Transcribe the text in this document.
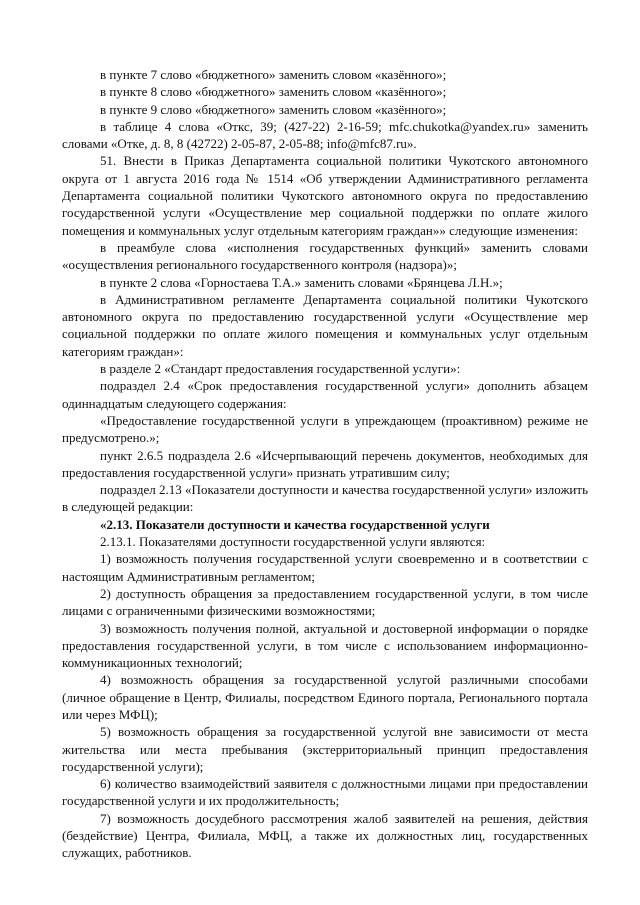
в пункте 7 слово «бюджетного» заменить словом «казённого»;

в пункте 8 слово «бюджетного» заменить словом «казённого»;

в пункте 9 слово «бюджетного» заменить словом «казённого»;

в таблице 4 слова «Откс, 39; (427-22) 2-16-59; mfc.chukotka@yandex.ru» заменить словами «Отке, д. 8, 8 (42722) 2-05-87, 2-05-88; info@mfc87.ru».

51. Внести в Приказ Департамента социальной политики Чукотского автономного округа от 1 августа 2016 года № 1514 «Об утверждении Административного регламента Департамента социальной политики Чукотского автономного округа по предоставлению государственной услуги «Осуществление мер социальной поддержки по оплате жилого помещения и коммунальных услуг отдельным категориям граждан»» следующие изменения:

в преамбуле слова «исполнения государственных функций» заменить словами «осуществления регионального государственного контроля (надзора)»;

в пункте 2 слова «Горностаева Т.А.» заменить словами «Брянцева Л.Н.»;

в Административном регламенте Департамента социальной политики Чукотского автономного округа по предоставлению государственной услуги «Осуществление мер социальной поддержки по оплате жилого помещения и коммунальных услуг отдельным категориям граждан»:

в разделе 2 «Стандарт предоставления государственной услуги»:

подраздел 2.4 «Срок предоставления государственной услуги» дополнить абзацем одиннадцатым следующего содержания:

«Предоставление государственной услуги в упреждающем (проактивном) режиме не предусмотрено.»;

пункт 2.6.5 подраздела 2.6 «Исчерпывающий перечень документов, необходимых для предоставления государственной услуги» признать утратившим силу;

подраздел 2.13 «Показатели доступности и качества государственной услуги» изложить в следующей редакции:

«2.13. Показатели доступности и качества государственной услуги

2.13.1. Показателями доступности государственной услуги являются:

1) возможность получения государственной услуги своевременно и в соответствии с настоящим Административным регламентом;

2) доступность обращения за предоставлением государственной услуги, в том числе лицами с ограниченными физическими возможностями;

3) возможность получения полной, актуальной и достоверной информации о порядке предоставления государственной услуги, в том числе с использованием информационно-коммуникационных технологий;

4) возможность обращения за государственной услугой различными способами (личное обращение в Центр, Филиалы, посредством Единого портала, Регионального портала или через МФЦ);

5) возможность обращения за государственной услугой вне зависимости от места жительства или места пребывания (экстерриториальный принцип предоставления государственной услуги);

6) количество взаимодействий заявителя с должностными лицами при предоставлении государственной услуги и их продолжительность;

7) возможность досудебного рассмотрения жалоб заявителей на решения, действия (бездействие) Центра, Филиала, МФЦ, а также их должностных лиц, государственных служащих, работников.
